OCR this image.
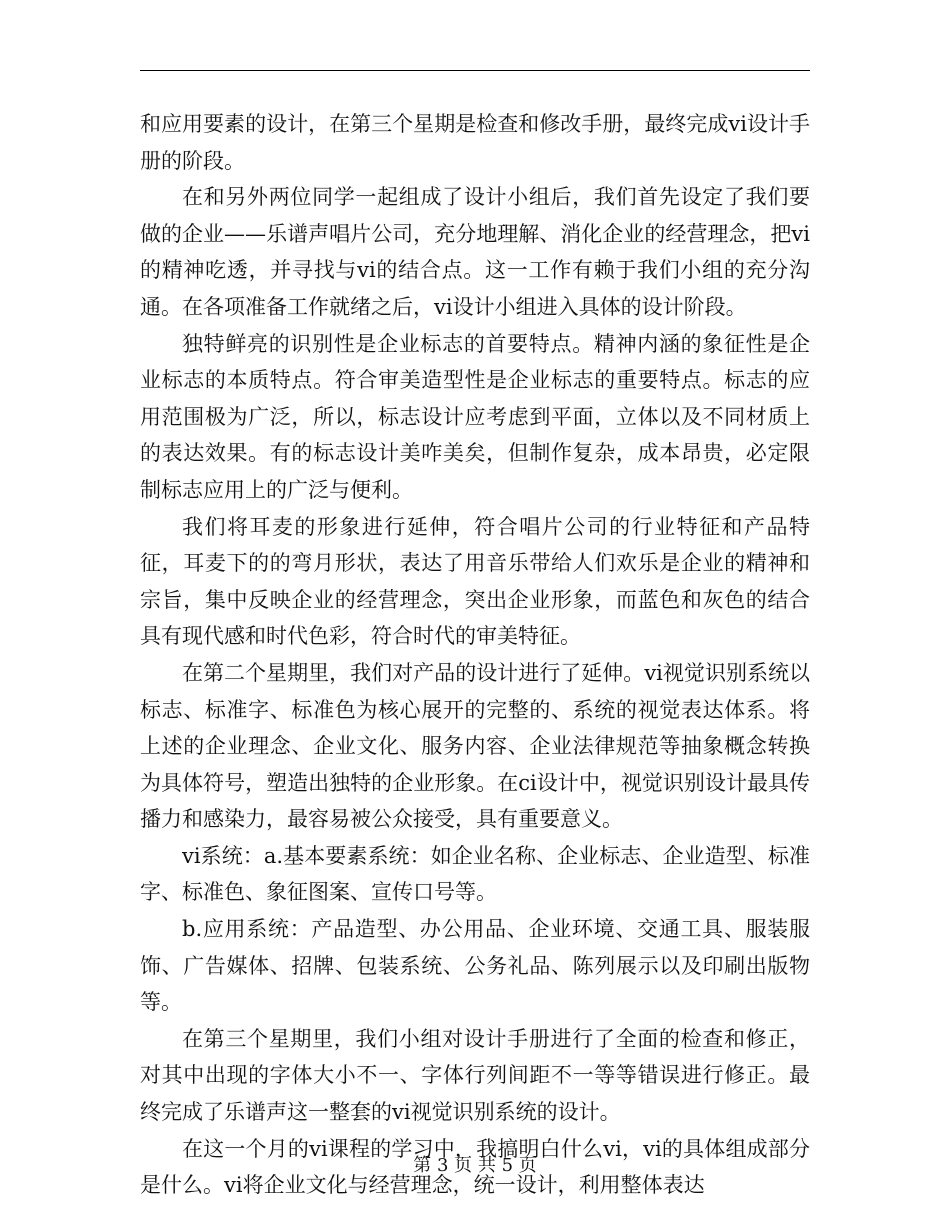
和应用要素的设计，在第三个星期是检查和修改手册，最终完成vi设计手册的阶段。

在和另外两位同学一起组成了设计小组后，我们首先设定了我们要做的企业——乐谱声唱片公司，充分地理解、消化企业的经营理念，把vi的精神吃透，并寻找与vi的结合点。这一工作有赖于我们小组的充分沟通。在各项准备工作就绪之后，vi设计小组进入具体的设计阶段。

独特鲜亮的识别性是企业标志的首要特点。精神内涵的象征性是企业标志的本质特点。符合审美造型性是企业标志的重要特点。标志的应用范围极为广泛，所以，标志设计应考虑到平面，立体以及不同材质上的表达效果。有的标志设计美咋美矣，但制作复杂，成本昂贵，必定限制标志应用上的广泛与便利。

我们将耳麦的形象进行延伸，符合唱片公司的行业特征和产品特征，耳麦下的的弯月形状，表达了用音乐带给人们欢乐是企业的精神和宗旨，集中反映企业的经营理念，突出企业形象，而蓝色和灰色的结合具有现代感和时代色彩，符合时代的审美特征。

在第二个星期里，我们对产品的设计进行了延伸。vi视觉识别系统以标志、标准字、标准色为核心展开的完整的、系统的视觉表达体系。将上述的企业理念、企业文化、服务内容、企业法律规范等抽象概念转换为具体符号，塑造出独特的企业形象。在ci设计中，视觉识别设计最具传播力和感染力，最容易被公众接受，具有重要意义。

vi系统：a.基本要素系统：如企业名称、企业标志、企业造型、标准字、标准色、象征图案、宣传口号等。

b.应用系统：产品造型、办公用品、企业环境、交通工具、服装服饰、广告媒体、招牌、包装系统、公务礼品、陈列展示以及印刷出版物等。

在第三个星期里，我们小组对设计手册进行了全面的检查和修正，对其中出现的字体大小不一、字体行列间距不一等等错误进行修正。最终完成了乐谱声这一整套的vi视觉识别系统的设计。

在这一个月的vi课程的学习中，我搞明白什么vi，vi的具体组成部分是什么。vi将企业文化与经营理念，统一设计，利用整体表达

第 3 页 共 5 页
